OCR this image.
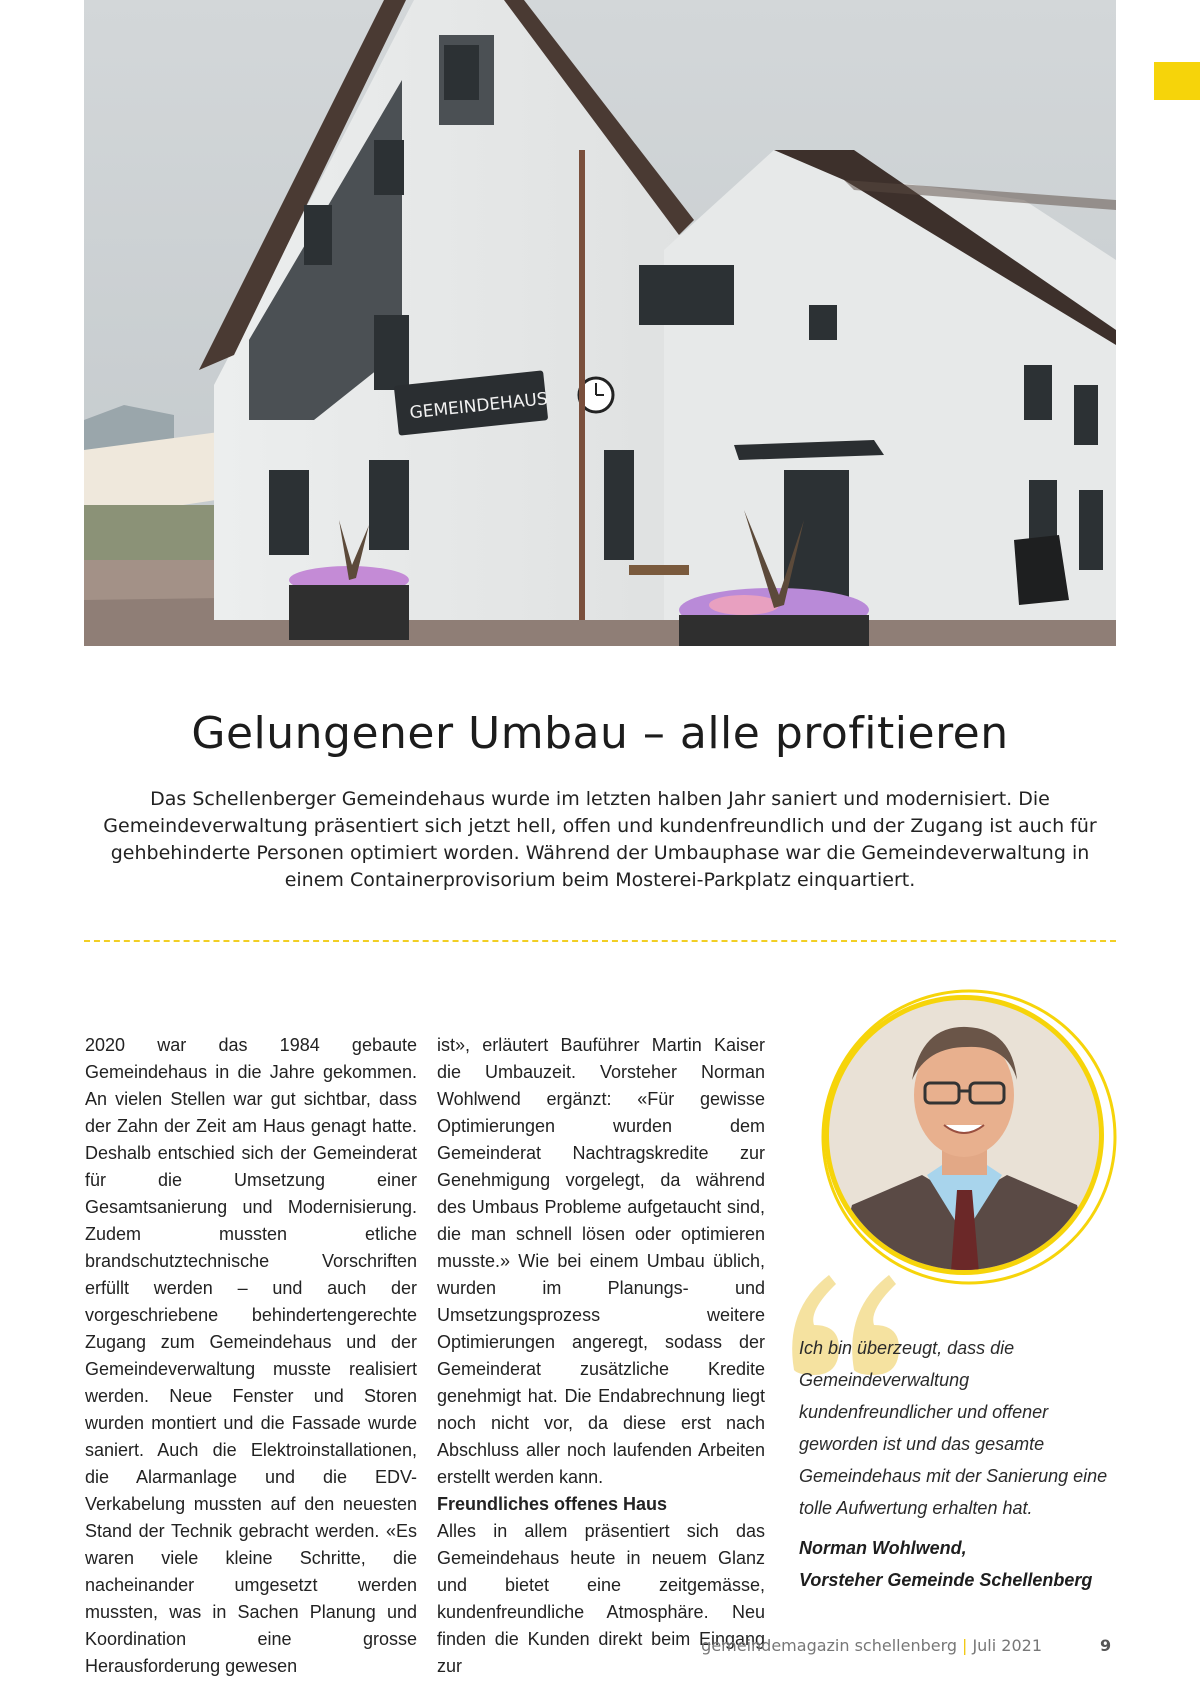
GEMEINDEHAUS
Gelungener Umbau – alle profitieren

Das Schellenberger Gemeindehaus wurde im letzten halben Jahr saniert und modernisiert. Die Gemeindeverwaltung präsentiert sich jetzt hell, offen und kundenfreundlich und der Zugang ist auch für gehbehinderte Personen optimiert worden. Während der Umbauphase war die Gemeindeverwaltung in einem Containerprovisorium beim Mosterei-Parkplatz einquartiert.

2020 war das 1984 gebaute Gemeindehaus in die Jahre gekommen. An vielen Stellen war gut sichtbar, dass der Zahn der Zeit am Haus genagt hatte. Deshalb entschied sich der Gemeinderat für die Umsetzung einer Gesamtsanierung und Modernisierung. Zudem mussten etliche brandschutztechnische Vorschriften erfüllt werden – und auch der vorgeschriebene behindertengerechte Zugang zum Gemeindehaus und der Gemeindeverwaltung musste realisiert werden. Neue Fenster und Storen wurden montiert und die Fassade wurde saniert. Auch die Elektroinstallationen, die Alarmanlage und die EDV-Verkabelung mussten auf den neuesten Stand der Technik gebracht werden. «Es waren viele kleine Schritte, die nacheinander umgesetzt werden mussten, was in Sachen Planung und Koordination eine grosse Herausforderung gewesen

ist», erläutert Bauführer Martin Kaiser die Umbauzeit. Vorsteher Norman Wohlwend ergänzt: «Für gewisse Optimierungen wurden dem Gemeinderat Nachtragskredite zur Genehmigung vorgelegt, da während des Umbaus Probleme aufgetaucht sind, die man schnell lösen oder optimieren musste.» Wie bei einem Umbau üblich, wurden im Planungs- und Umsetzungsprozess weitere Optimierungen angeregt, sodass der Gemeinderat zusätzliche Kredite genehmigt hat. Die Endabrechnung liegt noch nicht vor, da diese erst nach Abschluss aller noch laufenden Arbeiten erstellt werden kann.

Freundliches offenes Haus

Alles in allem präsentiert sich das Gemeindehaus heute in neuem Glanz und bietet eine zeitgemässe, kundenfreundliche Atmosphäre. Neu finden die Kunden direkt beim Eingang zur

Ich bin überzeugt, dass die Gemeindeverwaltung kundenfreundlicher und offener geworden ist und das gesamte Gemeindehaus mit der Sanierung eine tolle Aufwertung erhalten hat.

Norman Wohlwend,
Vorsteher Gemeinde Schellenberg
gemeindemagazin schellenberg | Juli 2021	9
